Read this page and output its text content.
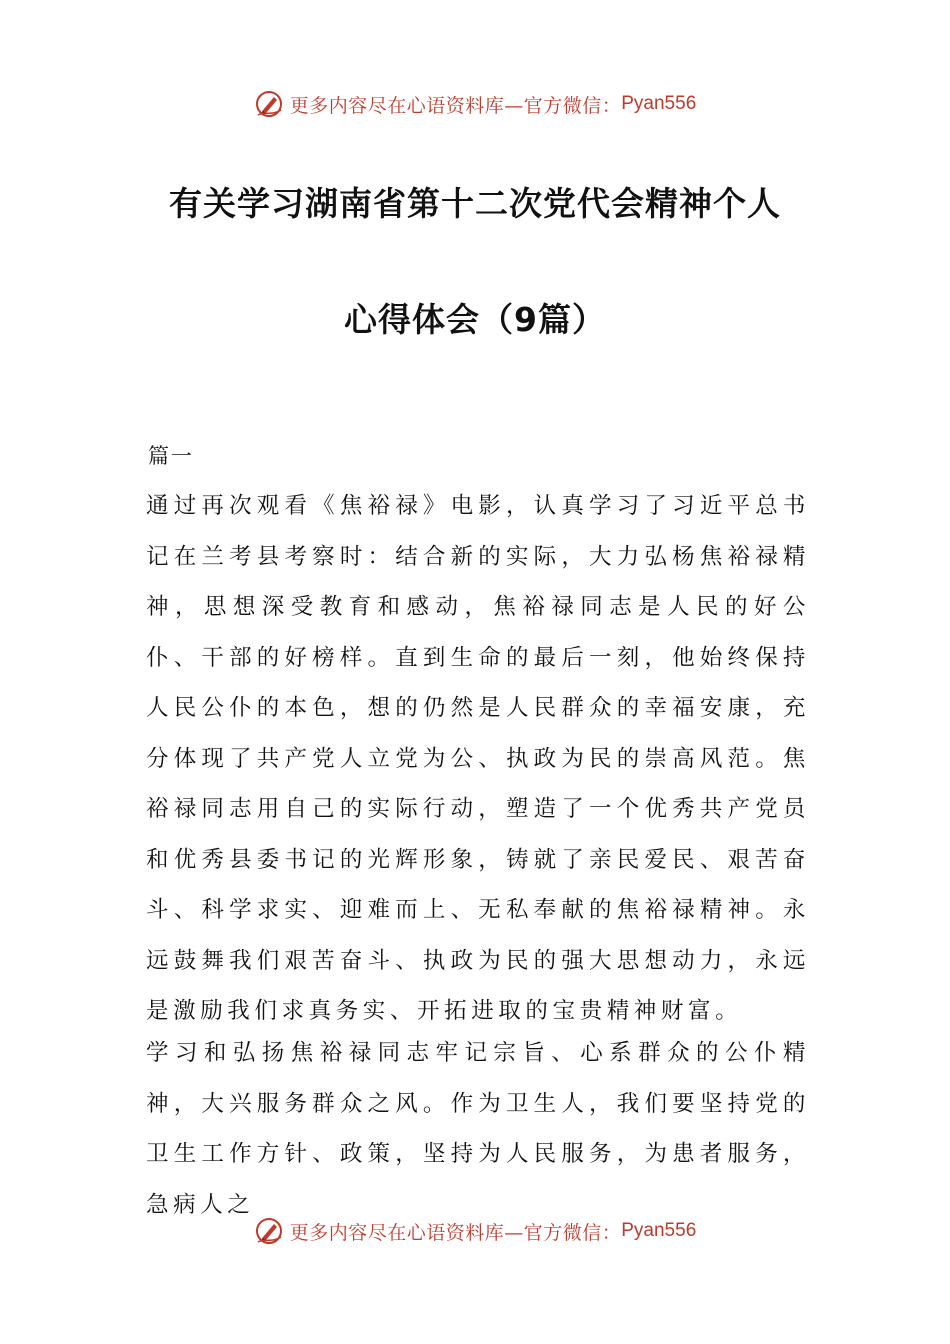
更多内容尽在心语资料库—官方微信： Pyan556
有关学习湖南省第十二次党代会精神个人
心得体会（9篇）
篇一
通过再次观看《焦裕禄》电影，认真学习了习近平总书记在兰考县考察时：结合新的实际，大力弘杨焦裕禄精神，思想深受教育和感动，焦裕禄同志是人民的好公仆、干部的好榜样。直到生命的最后一刻，他始终保持人民公仆的本色，想的仍然是人民群众的幸福安康，充分体现了共产党人立党为公、执政为民的崇高风范。焦裕禄同志用自己的实际行动，塑造了一个优秀共产党员和优秀县委书记的光辉形象，铸就了亲民爱民、艰苦奋斗、科学求实、迎难而上、无私奉献的焦裕禄精神。永远鼓舞我们艰苦奋斗、执政为民的强大思想动力，永远是激励我们求真务实、开拓进取的宝贵精神财富。
学习和弘扬焦裕禄同志牢记宗旨、心系群众的公仆精神，大兴服务群众之风。作为卫生人，我们要坚持党的卫生工作方针、政策，坚持为人民服务，为患者服务，急病人之
更多内容尽在心语资料库—官方微信： Pyan556
